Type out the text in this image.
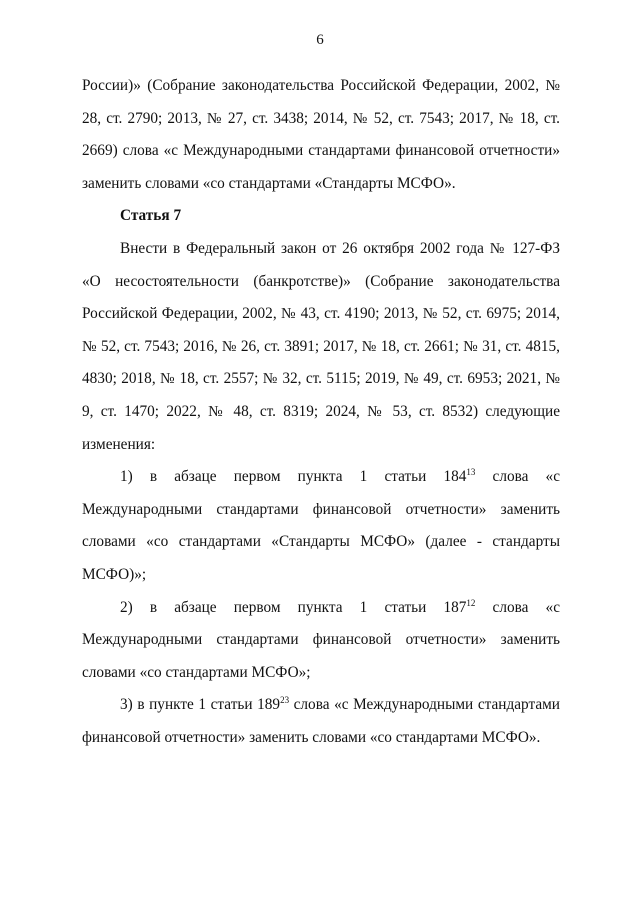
6

России)» (Собрание законодательства Российской Федерации, 2002, № 28, ст. 2790; 2013, № 27, ст. 3438; 2014, № 52, ст. 7543; 2017, № 18, ст. 2669) слова «с Международными стандартами финансовой отчетности» заменить словами «со стандартами «Стандарты МСФО».

Статья 7

Внести в Федеральный закон от 26 октября 2002 года № 127-ФЗ «О несостоятельности (банкротстве)» (Собрание законодательства Российской Федерации, 2002, № 43, ст. 4190; 2013, № 52, ст. 6975; 2014, № 52, ст. 7543; 2016, № 26, ст. 3891; 2017, № 18, ст. 2661; № 31, ст. 4815, 4830; 2018, № 18, ст. 2557; № 32, ст. 5115; 2019, № 49, ст. 6953; 2021, № 9, ст. 1470; 2022, № 48, ст. 8319; 2024, № 53, ст. 8532) следующие изменения:

1) в абзаце первом пункта 1 статьи $184^{13}$ слова «с Международными стандартами финансовой отчетности» заменить словами «со стандартами «Стандарты МСФО» (далее - стандарты МСФО)»;

2) в абзаце первом пункта 1 статьи $187^{12}$ слова «с Международными стандартами финансовой отчетности» заменить словами «со стандартами МСФО»;

3) в пункте 1 статьи $189^{23}$ слова «с Международными стандартами финансовой отчетности» заменить словами «со стандартами МСФО».
